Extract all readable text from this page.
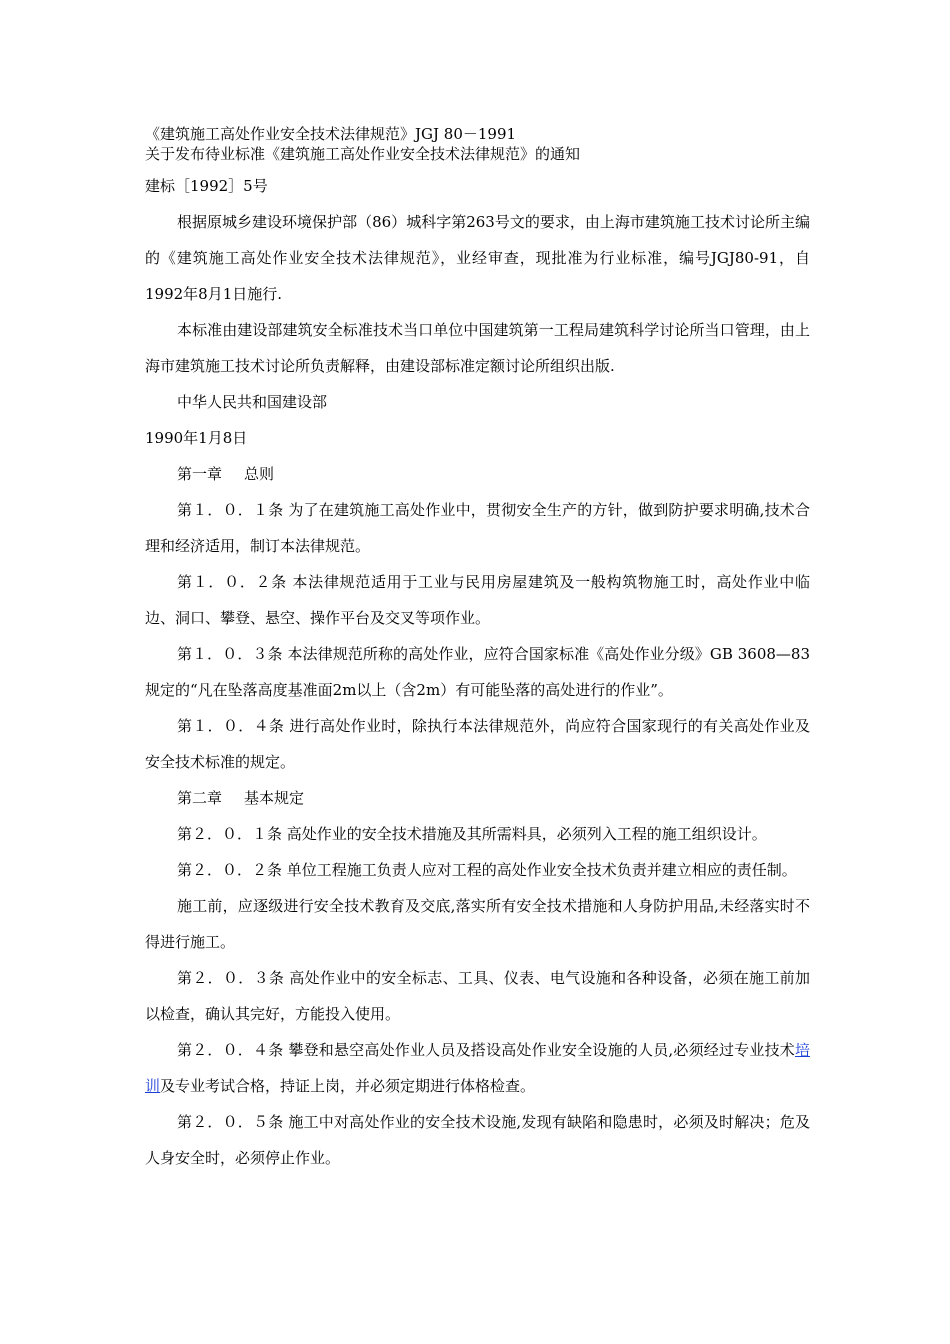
《建筑施工高处作业安全技术法律规范》JGJ 80－1991
关于发布待业标准《建筑施工高处作业安全技术法律规范》的通知
建标［1992］5号

根据原城乡建设环境保护部（86）城科字第263号文的要求，由上海市建筑施工技术讨论所主编的《建筑施工高处作业安全技术法律规范》，业经审查，现批准为行业标准，编号JGJ80-91，自1992年8月1日施行.

本标准由建设部建筑安全标准技术当口单位中国建筑第一工程局建筑科学讨论所当口管理，由上海市建筑施工技术讨论所负责解释，由建设部标准定额讨论所组织出版.

中华人民共和国建设部

1990年1月8日

第一章 总则

第１．０．１条 为了在建筑施工高处作业中，贯彻安全生产的方针，做到防护要求明确,技术合理和经济适用，制订本法律规范。

第１．０．２条 本法律规范适用于工业与民用房屋建筑及一般构筑物施工时，高处作业中临边、洞口、攀登、悬空、操作平台及交叉等项作业。

第１．０．３条 本法律规范所称的高处作业，应符合国家标准《高处作业分级》GB 3608—83规定的“凡在坠落高度基准面2m以上（含2m）有可能坠落的高处进行的作业”。

第１．０．４条 进行高处作业时，除执行本法律规范外，尚应符合国家现行的有关高处作业及安全技术标准的规定。

第二章 基本规定

第２．０．１条 高处作业的安全技术措施及其所需料具，必须列入工程的施工组织设计。

第２．０．２条 单位工程施工负责人应对工程的高处作业安全技术负责并建立相应的责任制。

施工前，应逐级进行安全技术教育及交底,落实所有安全技术措施和人身防护用品,未经落实时不得进行施工。

第２．０．３条 高处作业中的安全标志、工具、仪表、电气设施和各种设备，必须在施工前加以检查，确认其完好，方能投入使用。

第２．０．４条 攀登和悬空高处作业人员及搭设高处作业安全设施的人员,必须经过专业技术培训及专业考试合格，持证上岗，并必须定期进行体格检查。

第２．０．５条 施工中对高处作业的安全技术设施,发现有缺陷和隐患时，必须及时解决；危及人身安全时，必须停止作业。
